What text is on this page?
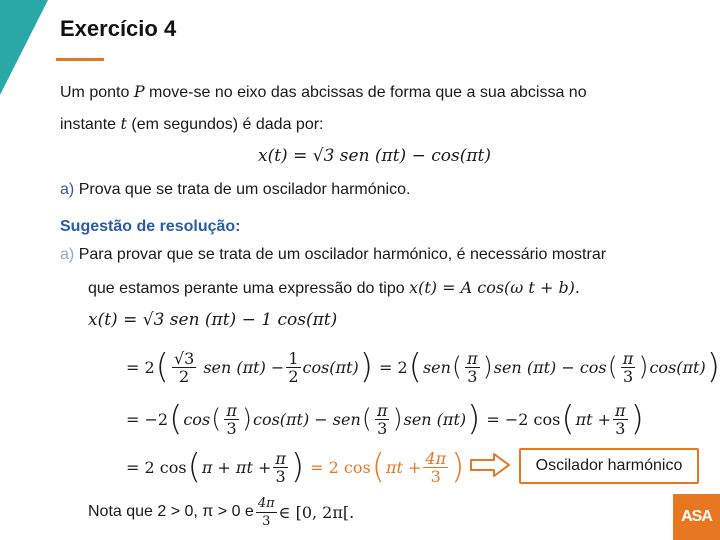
Exercício 4
Um ponto P move-se no eixo das abcissas de forma que a sua abcissa no
instante t (em segundos) é dada por:
x(t) = √3 sen (πt) − cos(πt)
a) Prova que se trata de um oscilador harmónico.
Sugestão de resolução:
a) Para provar que se trata de um oscilador harmónico, é necessário mostrar
que estamos perante uma expressão do tipo x(t) = A cos(ω t + b).
x(t) = √3 sen (πt) − 1 cos(πt)
= 2 ( $\frac{√3}{2}$ sen $(\pi t) - \frac{1}{2} \cos(\pi t)$ ) = 2 ( sen ( $\frac{\pi}{3}$ ) sen (πt) − cos ( $\frac{\pi}{3}$ ) cos(πt) )
= −2 ( cos ( $\frac{\pi}{3}$ ) cos(πt) − sen ( $\frac{\pi}{3}$ ) sen (πt) ) = −2 cos ( $\pi t + \frac{\pi}{3}$ )
= 2 cos ( $\pi + \pi t + \frac{\pi}{3}$ ) = 2 cos ( $\pi t + \frac{4\pi}{3}$ )	Oscilador harmónico
Nota que 2 > 0, π > 0 e $\frac{4\pi}{3}$ ∈ [0, 2π[.	ASA
